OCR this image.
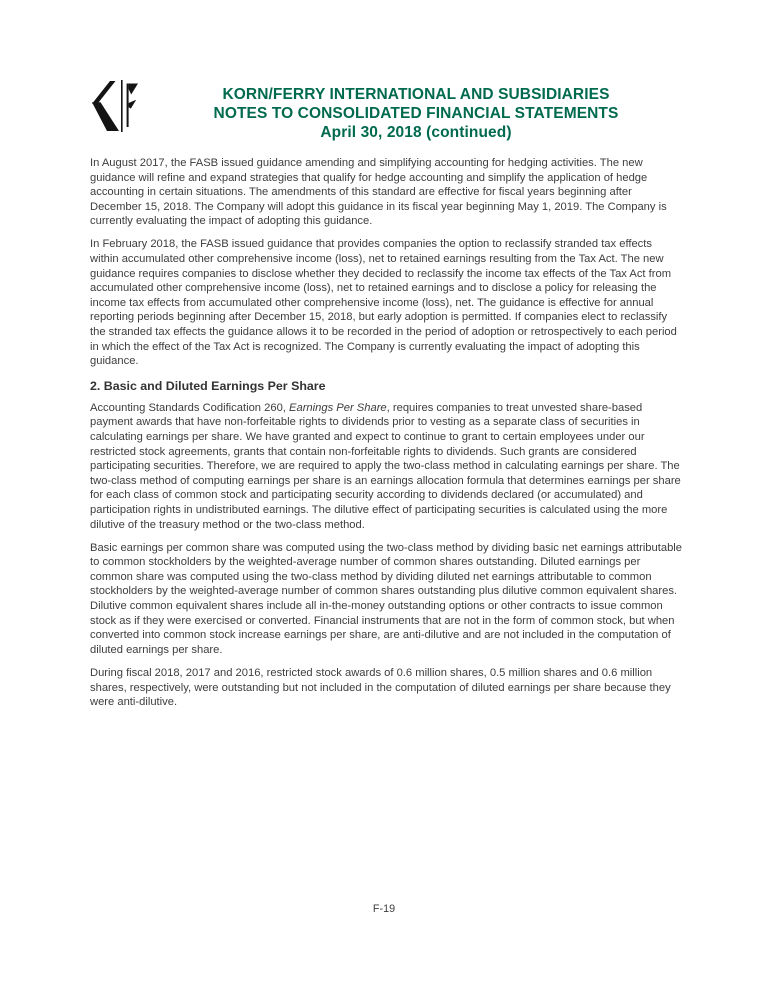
KORN/FERRY INTERNATIONAL AND SUBSIDIARIES
NOTES TO CONSOLIDATED FINANCIAL STATEMENTS
April 30, 2018 (continued)

In August 2017, the FASB issued guidance amending and simplifying accounting for hedging activities. The new guidance will refine and expand strategies that qualify for hedge accounting and simplify the application of hedge accounting in certain situations. The amendments of this standard are effective for fiscal years beginning after December 15, 2018. The Company will adopt this guidance in its fiscal year beginning May 1, 2019. The Company is currently evaluating the impact of adopting this guidance.

In February 2018, the FASB issued guidance that provides companies the option to reclassify stranded tax effects within accumulated other comprehensive income (loss), net to retained earnings resulting from the Tax Act. The new guidance requires companies to disclose whether they decided to reclassify the income tax effects of the Tax Act from accumulated other comprehensive income (loss), net to retained earnings and to disclose a policy for releasing the income tax effects from accumulated other comprehensive income (loss), net. The guidance is effective for annual reporting periods beginning after December 15, 2018, but early adoption is permitted. If companies elect to reclassify the stranded tax effects the guidance allows it to be recorded in the period of adoption or retrospectively to each period in which the effect of the Tax Act is recognized. The Company is currently evaluating the impact of adopting this guidance.

2. Basic and Diluted Earnings Per Share

Accounting Standards Codification 260, Earnings Per Share, requires companies to treat unvested share-based payment awards that have non-forfeitable rights to dividends prior to vesting as a separate class of securities in calculating earnings per share. We have granted and expect to continue to grant to certain employees under our restricted stock agreements, grants that contain non-forfeitable rights to dividends. Such grants are considered participating securities. Therefore, we are required to apply the two-class method in calculating earnings per share. The two-class method of computing earnings per share is an earnings allocation formula that determines earnings per share for each class of common stock and participating security according to dividends declared (or accumulated) and participation rights in undistributed earnings. The dilutive effect of participating securities is calculated using the more dilutive of the treasury method or the two-class method.

Basic earnings per common share was computed using the two-class method by dividing basic net earnings attributable to common stockholders by the weighted-average number of common shares outstanding. Diluted earnings per common share was computed using the two-class method by dividing diluted net earnings attributable to common stockholders by the weighted-average number of common shares outstanding plus dilutive common equivalent shares. Dilutive common equivalent shares include all in-the-money outstanding options or other contracts to issue common stock as if they were exercised or converted. Financial instruments that are not in the form of common stock, but when converted into common stock increase earnings per share, are anti-dilutive and are not included in the computation of diluted earnings per share.

During fiscal 2018, 2017 and 2016, restricted stock awards of 0.6 million shares, 0.5 million shares and 0.6 million shares, respectively, were outstanding but not included in the computation of diluted earnings per share because they were anti-dilutive.

F-19
